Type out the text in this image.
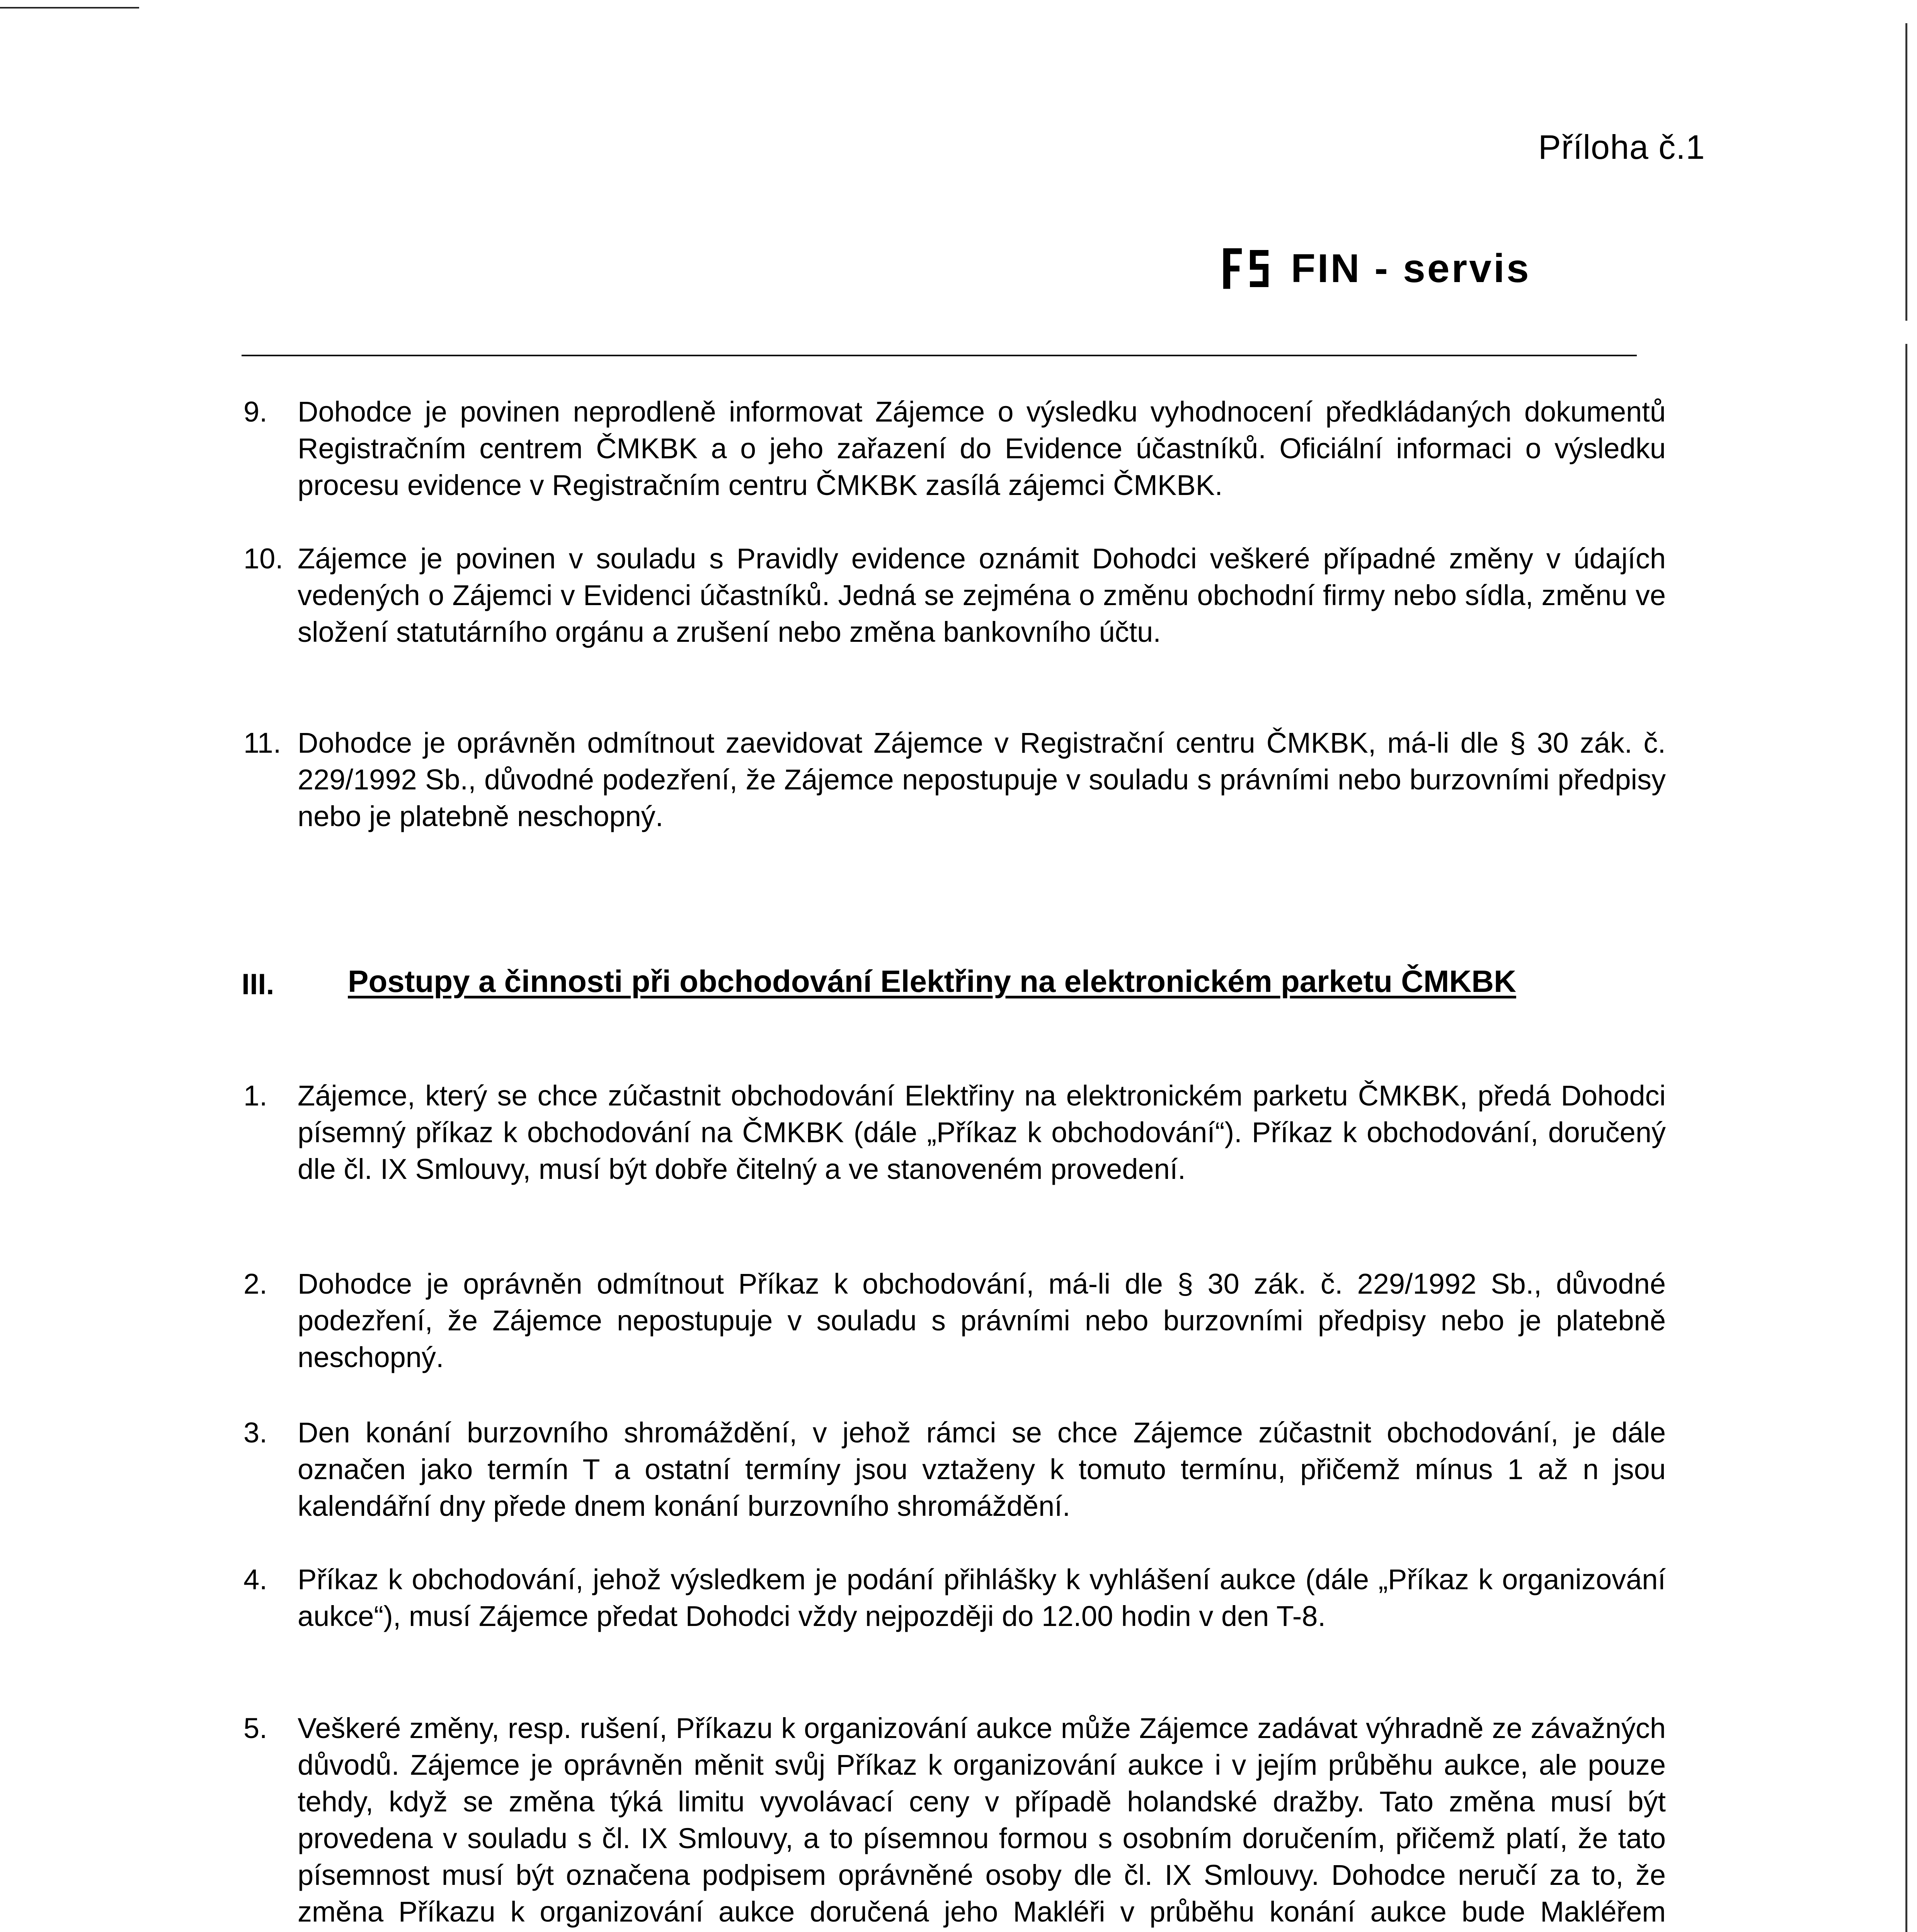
Příloha č.1
FIN - servis
9. Dohodce je povinen neprodleně informovat Zájemce o výsledku vyhodnocení předkládaných dokumentů Registračním centrem ČMKBK a o jeho zařazení do Evidence účastníků. Oficiální informaci o výsledku procesu evidence v Registračním centru ČMKBK zasílá zájemci ČMKBK.
10. Zájemce je povinen v souladu s Pravidly evidence oznámit Dohodci veškeré případné změny v údajích vedených o Zájemci v Evidenci účastníků. Jedná se zejména o změnu obchodní firmy nebo sídla, změnu ve složení statutárního orgánu a zrušení nebo změna bankovního účtu.
11. Dohodce je oprávněn odmítnout zaevidovat Zájemce v Registrační centru ČMKBK, má-li dle § 30 zák. č. 229/1992 Sb., důvodné podezření, že Zájemce nepostupuje v souladu s právními nebo burzovními předpisy nebo je platebně neschopný.
III. Postupy a činnosti při obchodování Elektřiny na elektronickém parketu ČMKBK
1. Zájemce, který se chce zúčastnit obchodování Elektřiny na elektronickém parketu ČMKBK, předá Dohodci písemný příkaz k obchodování na ČMKBK (dále „Příkaz k obchodování“). Příkaz k obchodování, doručený dle čl. IX Smlouvy, musí být dobře čitelný a ve stanoveném provedení.
2. Dohodce je oprávněn odmítnout Příkaz k obchodování, má-li dle § 30 zák. č. 229/1992 Sb., důvodné podezření, že Zájemce nepostupuje v souladu s právními nebo burzovními předpisy nebo je platebně neschopný.
3. Den konání burzovního shromáždění, v jehož rámci se chce Zájemce zúčastnit obchodování, je dále označen jako termín T a ostatní termíny jsou vztaženy k tomuto termínu, přičemž mínus 1 až n jsou kalendářní dny přede dnem konání burzovního shromáždění.
4. Příkaz k obchodování, jehož výsledkem je podání přihlášky k vyhlášení aukce (dále „Příkaz k organizování aukce“), musí Zájemce předat Dohodci vždy nejpozději do 12.00 hodin v den T-8.
5. Veškeré změny, resp. rušení, Příkazu k organizování aukce může Zájemce zadávat výhradně ze závažných důvodů. Zájemce je oprávněn měnit svůj Příkaz k organizování aukce i v jejím průběhu aukce, ale pouze tehdy, když se změna týká limitu vyvolávací ceny v případě holandské dražby. Tato změna musí být provedena v souladu s čl. IX Smlouvy, a to písemnou formou s osobním doručením, přičemž platí, že tato písemnost musí být označena podpisem oprávněné osoby dle čl. IX Smlouvy. Dohodce neručí za to, že změna Příkazu k organizování aukce doručená jeho Makléři v průběhu konání aukce bude Makléřem
